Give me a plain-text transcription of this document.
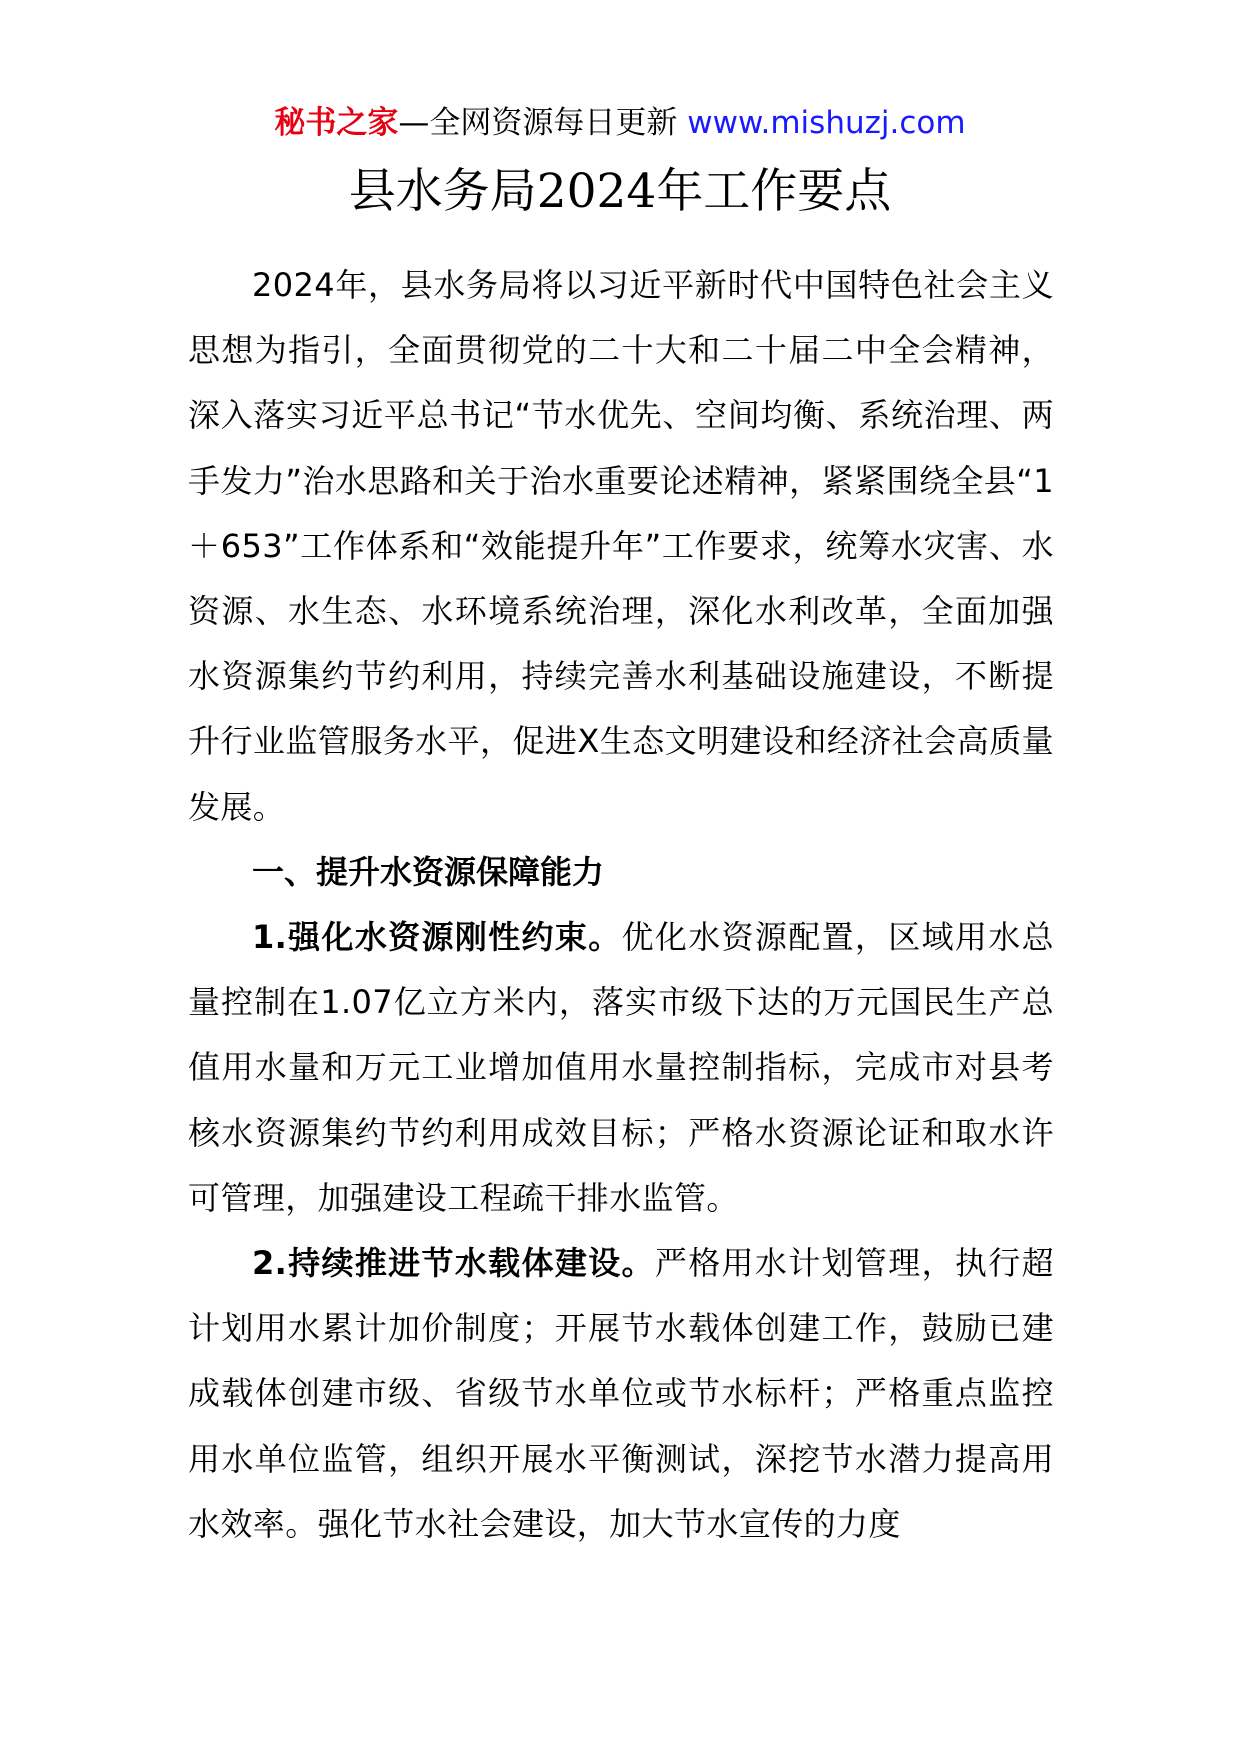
秘书之家—全网资源每日更新 www.mishuzj.com
县水务局2024年工作要点

2024年，县水务局将以习近平新时代中国特色社会主义思想为指引，全面贯彻党的二十大和二十届二中全会精神，深入落实习近平总书记“节水优先、空间均衡、系统治理、两手发力”治水思路和关于治水重要论述精神，紧紧围绕全县“1＋653”工作体系和“效能提升年”工作要求，统筹水灾害、水资源、水生态、水环境系统治理，深化水利改革，全面加强水资源集约节约利用，持续完善水利基础设施建设，不断提升行业监管服务水平，促进X生态文明建设和经济社会高质量发展。

一、提升水资源保障能力

1.强化水资源刚性约束。优化水资源配置，区域用水总量控制在1.07亿立方米内，落实市级下达的万元国民生产总值用水量和万元工业增加值用水量控制指标，完成市对县考核水资源集约节约利用成效目标；严格水资源论证和取水许可管理，加强建设工程疏干排水监管。

2.持续推进节水载体建设。严格用水计划管理，执行超计划用水累计加价制度；开展节水载体创建工作，鼓励已建成载体创建市级、省级节水单位或节水标杆；严格重点监控用水单位监管，组织开展水平衡测试，深挖节水潜力提高用水效率。强化节水社会建设，加大节水宣传的力度
